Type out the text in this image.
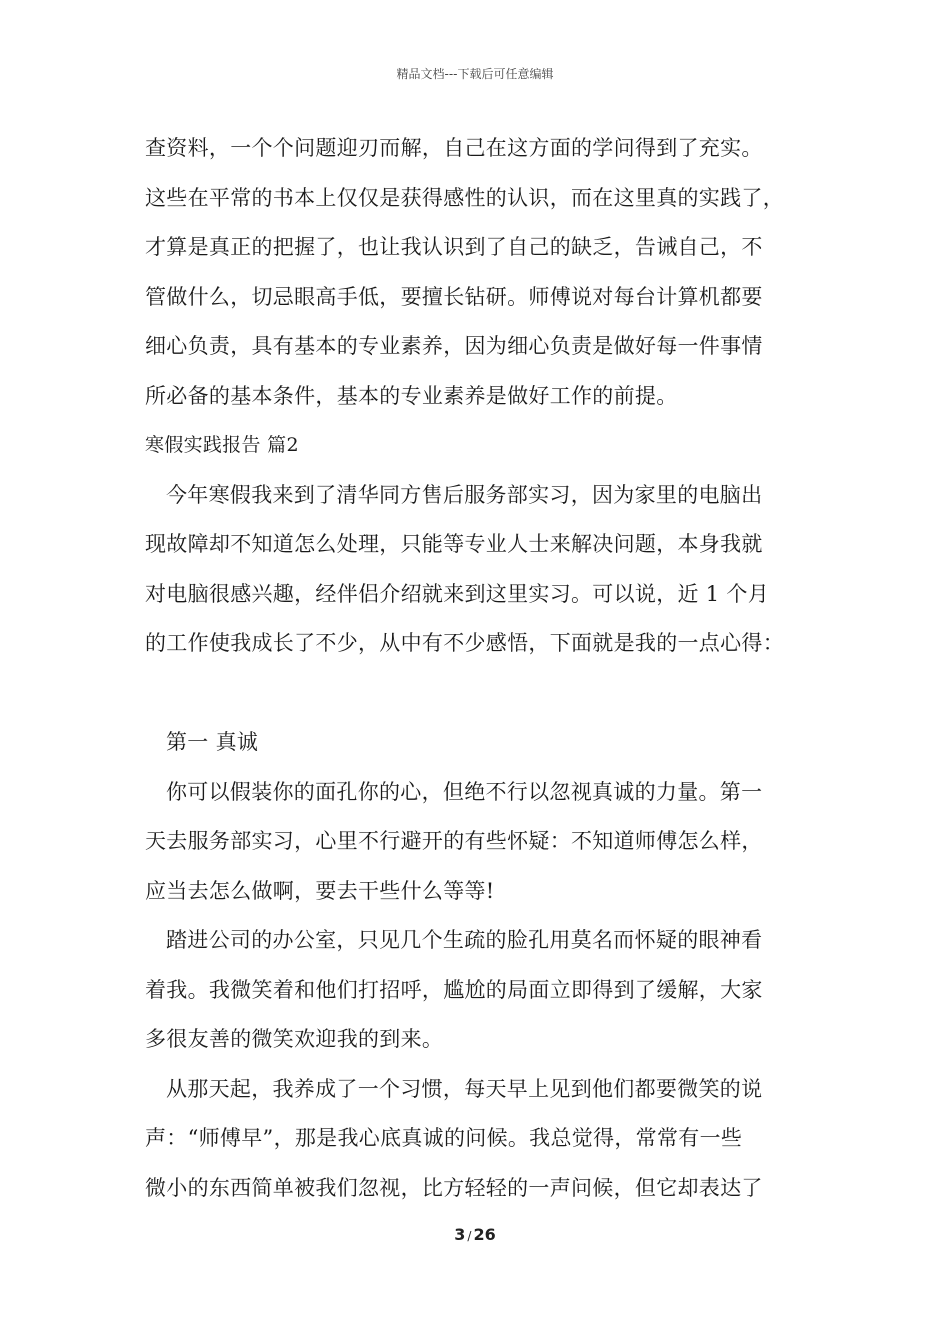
精品文档---下载后可任意编辑
查资料，一个个问题迎刃而解，自己在这方面的学问得到了充实。
这些在平常的书本上仅仅是获得感性的认识，而在这里真的实践了，
才算是真正的把握了，也让我认识到了自己的缺乏，告诫自己，不
管做什么，切忌眼高手低，要擅长钻研。师傅说对每台计算机都要
细心负责，具有基本的专业素养，因为细心负责是做好每一件事情
所必备的基本条件，基本的专业素养是做好工作的前提。
寒假实践报告 篇2
今年寒假我来到了清华同方售后服务部实习，因为家里的电脑出
现故障却不知道怎么处理，只能等专业人士来解决问题，本身我就
对电脑很感兴趣，经伴侣介绍就来到这里实习。可以说，近 1 个月
的工作使我成长了不少，从中有不少感悟，下面就是我的一点心得：
第一 真诚
你可以假装你的面孔你的心，但绝不行以忽视真诚的力量。第一
天去服务部实习，心里不行避开的有些怀疑：不知道师傅怎么样，
应当去怎么做啊，要去干些什么等等!
踏进公司的办公室，只见几个生疏的脸孔用莫名而怀疑的眼神看
着我。我微笑着和他们打招呼，尴尬的局面立即得到了缓解，大家
多很友善的微笑欢迎我的到来。
从那天起，我养成了一个习惯，每天早上见到他们都要微笑的说
声：“师傅早”，那是我心底真诚的问候。我总觉得，常常有一些
微小的东西简单被我们忽视，比方轻轻的一声问候，但它却表达了
3 / 26
